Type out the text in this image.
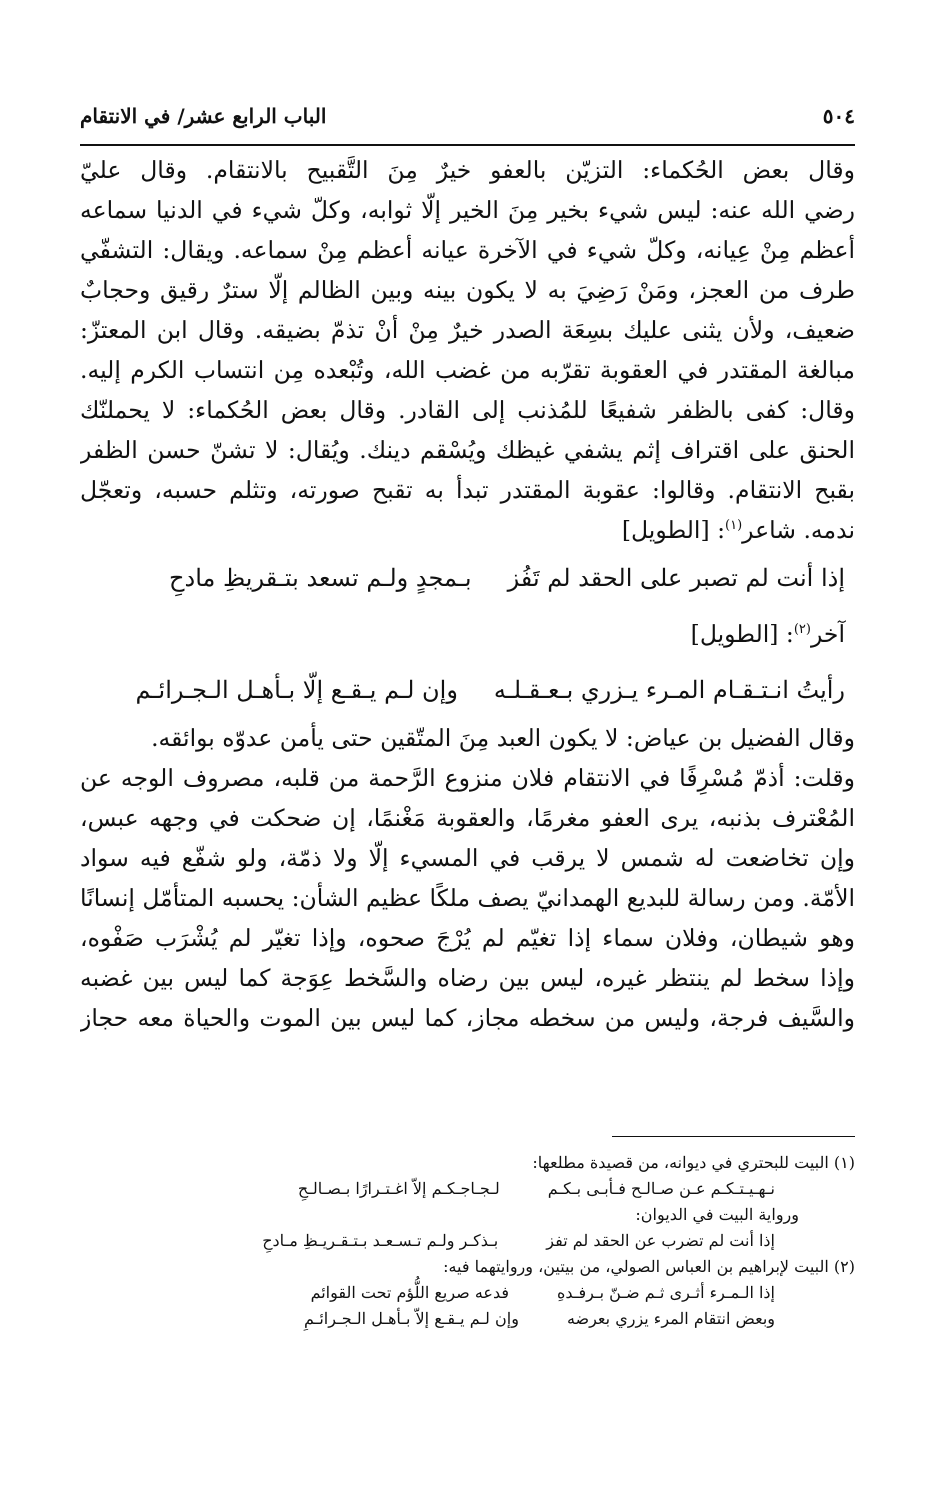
٥٠٤
الباب الرابع عشر/ في الانتقام
وقال بعض الحُكماء: التزيّن بالعفو خيرٌ مِنَ التَّقبيح بالانتقام. وقال عليّ
رضي الله عنه: ليس شيء بخير مِنَ الخير إلّا ثوابه، وكلّ شيء في الدنيا سماعه
أعظم مِنْ عِيانه، وكلّ شيء في الآخرة عيانه أعظم مِنْ سماعه. ويقال: التشفّي
طرف من العجز، ومَنْ رَضِيَ به لا يكون بينه وبين الظالم إلّا سترٌ رقيق وحجابٌ
ضعيف، ولأن يثنى عليك بسِعَة الصدر خيرٌ مِنْ أنْ تذمّ بضيقه. وقال ابن المعتزّ:
مبالغة المقتدر في العقوبة تقرّبه من غضب الله، وتُبْعده مِن انتساب الكرم إليه.
وقال: كفى بالظفر شفيعًا للمُذنب إلى القادر. وقال بعض الحُكماء: لا يحملنّك
الحنق على اقتراف إثم يشفي غيظك ويُسْقم دينك. ويُقال: لا تشنّ حسن الظفر
بقبح الانتقام. وقالوا: عقوبة المقتدر تبدأ به تقبح صورته، وتثلم حسبه، وتعجّل
ندمه. شاعر$^{(١)}$: [الطويل]
إذا أنت لم تصبر على الحقد لم تَفُز
بـمجدٍ ولـم تسعد بتـقريظِ مادحِ
آخر$^{(٢)}$: [الطويل]
رأيتُ انـتـقـام المـرء يـزري بـعـقـلـه
وإن لـم يـقـع إلّا بـأهـل الـجـرائـم
وقال الفضيل بن عياض: لا يكون العبد مِنَ المتّقين حتى يأمن عدوّه بوائقه.
وقلت: أذمّ مُسْرِفًا في الانتقام فلان منزوع الرَّحمة من قلبه، مصروف الوجه عن
المُعْترف بذنبه، يرى العفو مغرمًا، والعقوبة مَغْنمًا، إن ضحكت في وجهه عبس،
وإن تخاضعت له شمس لا يرقب في المسيء إلّا ولا ذمّة، ولو شفّع فيه سواد
الأمّة. ومن رسالة للبديع الهمدانيّ يصف ملكًا عظيم الشأن: يحسبه المتأمّل إنسانًا
وهو شيطان، وفلان سماء إذا تغيّم لم يُرْجَ صحوه، وإذا تغيّر لم يُشْرَب صَفْوه،
وإذا سخط لم ينتظر غيره، ليس بين رضاه والسَّخط عِوَجة كما ليس بين غضبه
والسَّيف فرجة، وليس من سخطه مجاز، كما ليس بين الموت والحياة معه حجاز
(١) البيت للبحتري في ديوانه، من قصيدة مطلعها:
نـهـيـتـكـم عـن صـالـح فـأبـى بـكـم
لـجـاجـكـم إلاّ اغـتـرارًا بـصـالـحِ
ورواية البيت في الديوان:
إذا أنت لم تضرب عن الحقد لم تفز
بـذكـر ولـم تـسـعـد بـتـقـريـظِ مـادحِ
(٢) البيت لإبراهيم بن العباس الصولي، من بيتين، وروايتهما فيه:
إذا الـمـرء أثـرى ثـم ضـنّ بـرفـدهِ
فدعه صريع اللُّؤم تحت القوائم
وبعض انتقام المرء يزري بعرضه
وإن لـم يـقـع إلاّ بـأهـل الـجـرائـمِ
